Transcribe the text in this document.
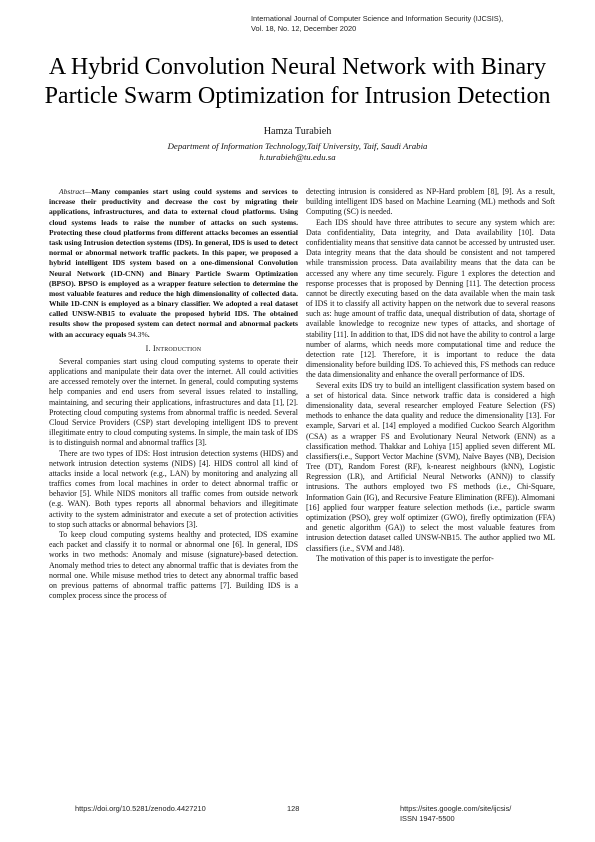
International Journal of Computer Science and Information Security (IJCSIS),
Vol. 18, No. 12, December 2020
A Hybrid Convolution Neural Network with Binary
Particle Swarm Optimization for Intrusion Detection
Hamza Turabieh
Department of Information Technology,Taif University, Taif, Saudi Arabia
h.turabieh@tu.edu.sa

Abstract—Many companies start using could systems and services to increase their productivity and decrease the cost by migrating their applications, infrastructures, and data to external cloud platforms. Using cloud systems leads to raise the number of attacks on such systems. Protecting these cloud platforms from different attacks becomes an essential task using Intrusion detection systems (IDS). In general, IDS is used to detect normal or abnormal network traffic packets. In this paper, we proposed a hybrid intelligent IDS system based on a one-dimensional Convolution Neural Network (1D-CNN) and Binary Particle Swarm Optimization (BPSO). BPSO is employed as a wrapper feature selection to determine the most valuable features and reduce the high dimensionality of collected data. While 1D-CNN is employed as a binary classifier. We adopted a real dataset called UNSW-NB15 to evaluate the proposed hybrid IDS. The obtained results show the proposed system can detect normal and abnormal packets with an accuracy equals 94.3%.

I. Introduction

Several companies start using cloud computing systems to operate their applications and manipulate their data over the internet. All could activities are accessed remotely over the internet. In general, could computing systems help companies and end users from several issues related to installing, maintaining, and securing their applications, infrastructures and data [1], [2]. Protecting cloud computing systems from abnormal traffic is needed. Several Cloud Service Providers (CSP) start developing intelligent IDS to prevent illegitimate entry to cloud computing systems. In simple, the main task of IDS is to distinguish normal and abnormal traffics [3].

There are two types of IDS: Host intrusion detection systems (HIDS) and network intrusion detection systems (NIDS) [4]. HIDS control all kind of attacks inside a local network (e.g., LAN) by monitoring and analyzing all traffics comes from local machines in order to detect abnormal traffic or behavior [5]. While NIDS monitors all traffic comes from outside network (e.g. WAN). Both types reports all abnormal behaviors and illegitimate activity to the system administrator and execute a set of protection activities to stop such attacks or abnormal behaviors [3].

To keep cloud computing systems healthy and protected, IDS examine each packet and classify it to normal or abnormal one [6]. In general, IDS works in two methods: Anomaly and misuse (signature)-based detection. Anomaly method tries to detect any abnormal traffic that is deviates from the normal one. While misuse method tries to detect any abnormal traffic based on previous patterns of abnormal traffic patterns [7]. Building IDS is a complex process since the process of

detecting intrusion is considered as NP-Hard problem [8], [9]. As a result, building intelligent IDS based on Machine Learning (ML) methods and Soft Computing (SC) is needed.

Each IDS should have three attributes to secure any system which are: Data confidentiality, Data integrity, and Data availability [10]. Data confidentiality means that sensitive data cannot be accessed by untrusted user. Data integrity means that the data should be consistent and not tampered while transmission process. Data availability means that the data can be accessed any where any time securely. Figure 1 explores the detection and response processes that is proposed by Denning [11]. The detection process cannot be directly executing based on the data available when the main task of IDS it to classify all activity happen on the network due to several reasons such as: huge amount of traffic data, unequal distribution of data, shortage of available knowledge to recognize new types of attacks, and shortage of stability [11]. In addition to that, IDS did not have the ability to control a large number of alarms, which needs more computational time and reduce the detection rate [12]. Therefore, it is important to reduce the data dimensionality before building IDS. To achieved this, FS methods can reduce the data dimensionality and enhance the overall performance of IDS.

Several exits IDS try to build an intelligent classification system based on a set of historical data. Since network traffic data is considered a high dimensionality data, several researcher employed Feature Selection (FS) methods to enhance the data quality and reduce the dimensionality [13]. For example, Sarvari et al. [14] employed a modified Cuckoo Search Algorithm (CSA) as a wrapper FS and Evolutionary Neural Network (ENN) as a classification method. Thakkar and Lohiya [15] applied seven different ML classifiers(i.e., Support Vector Machine (SVM), Naïve Bayes (NB), Decision Tree (DT), Random Forest (RF), k-nearest neighbours (kNN), Logistic Regression (LR), and Artificial Neural Networks (ANN)) to classify intrusions. The authors employed two FS methods (i.e., Chi-Square, Information Gain (IG), and Recursive Feature Elimination (RFE)). Almomani [16] applied four warpper feature selection methods (i.e., particle swarm optimization (PSO), grey wolf optimizer (GWO), firefly optimization (FFA) and genetic algorithm (GA)) to select the most valuable features from intrusion detection dataset called UNSW-NB15. The author applied two ML classifiers (i.e., SVM and J48).

The motivation of this paper is to investigate the perfor-

https://doi.org/10.5281/zenodo.4427210	128	https://sites.google.com/site/ijcsis/
ISSN 1947-5500
